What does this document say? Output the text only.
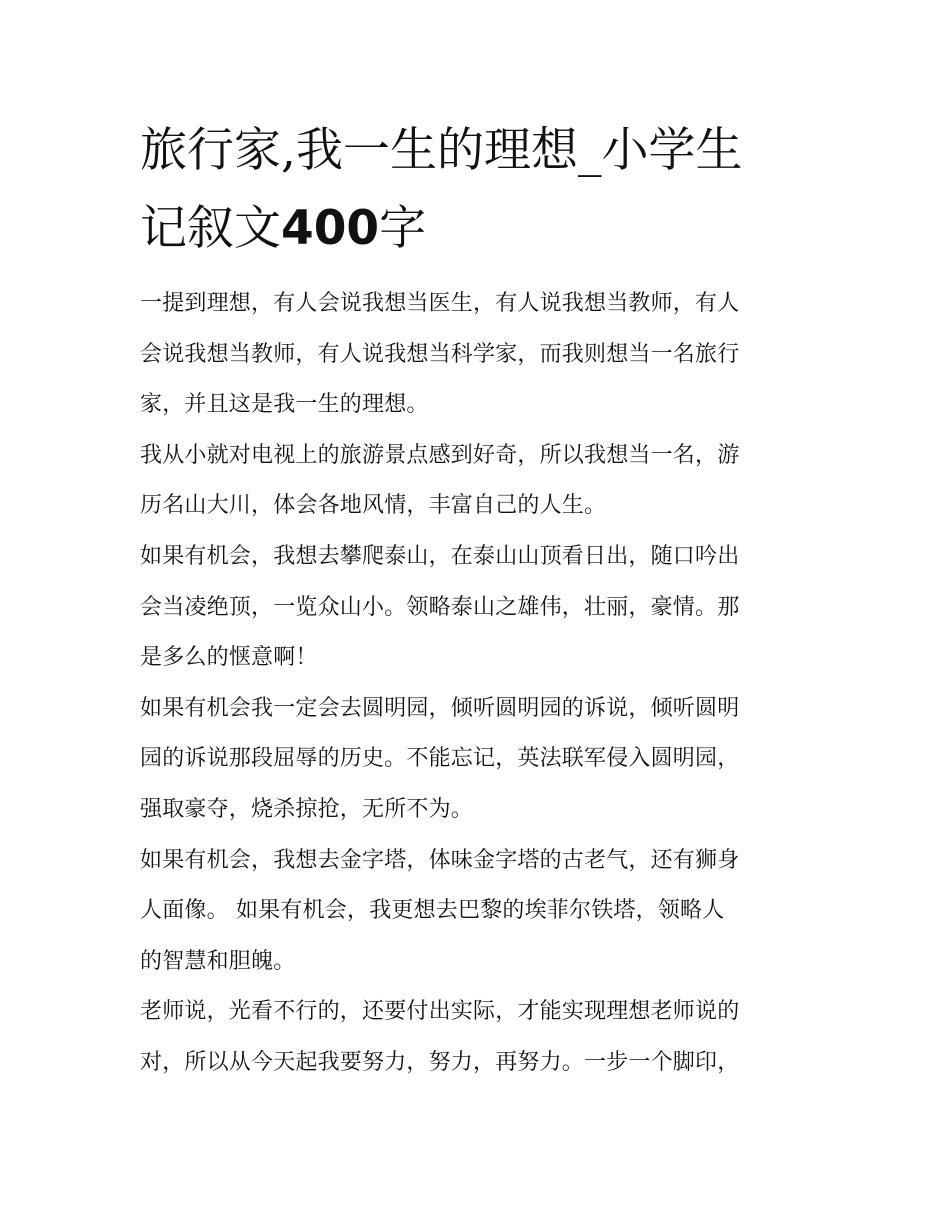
旅行家,我一生的理想_小学生
记叙文400字
一提到理想，有人会说我想当医生，有人说我想当教师，有人
会说我想当教师，有人说我想当科学家，而我则想当一名旅行
家，并且这是我一生的理想。
我从小就对电视上的旅游景点感到好奇，所以我想当一名，游
历名山大川，体会各地风情，丰富自己的人生。
如果有机会，我想去攀爬泰山，在泰山山顶看日出，随口吟出
会当凌绝顶，一览众山小。领略泰山之雄伟，壮丽，豪情。那
是多么的惬意啊！
如果有机会我一定会去圆明园，倾听圆明园的诉说，倾听圆明
园的诉说那段屈辱的历史。不能忘记，英法联军侵入圆明园，
强取豪夺，烧杀掠抢，无所不为。
如果有机会，我想去金字塔，体味金字塔的古老气，还有狮身
人面像。 如果有机会，我更想去巴黎的埃菲尔铁塔，领略人
的智慧和胆魄。
老师说，光看不行的，还要付出实际，才能实现理想老师说的
对，所以从今天起我要努力，努力，再努力。一步一个脚印，
